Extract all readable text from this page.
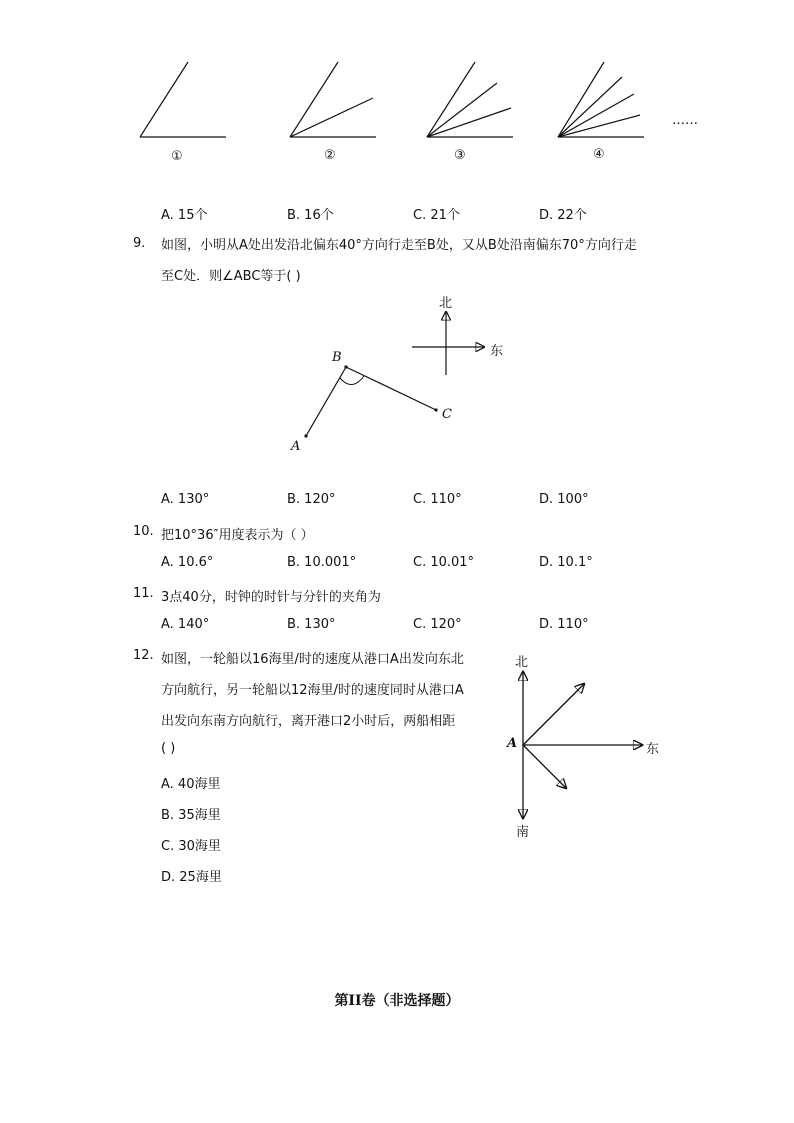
①	②	③	④
……
A. 15个	B. 16个	C. 21个	D. 22个
9. 如图，小明从A处出发沿北偏东40°方向行走至B处，又从B处沿南偏东70°方向行走
至C处．则∠ABC等于( )
北
东
B
C
A
A. 130°	B. 120°	C. 110°	D. 100°
10. 把10°36″用度表示为（ ）
A. 10.6°	B. 10.001°	C. 10.01°	D. 10.1°
11. 3点40分，时钟的时针与分针的夹角为
A. 140°	B. 130°	C. 120°	D. 110°
12. 如图，一轮船以16海里/时的速度从港口A出发向东北
方向航行，另一轮船以12海里/时的速度同时从港口A
出发向东南方向航行，离开港口2小时后，两船相距
( )
A. 40海里
B. 35海里
C. 30海里
D. 25海里
北
东
南
A
第II卷（非选择题）
